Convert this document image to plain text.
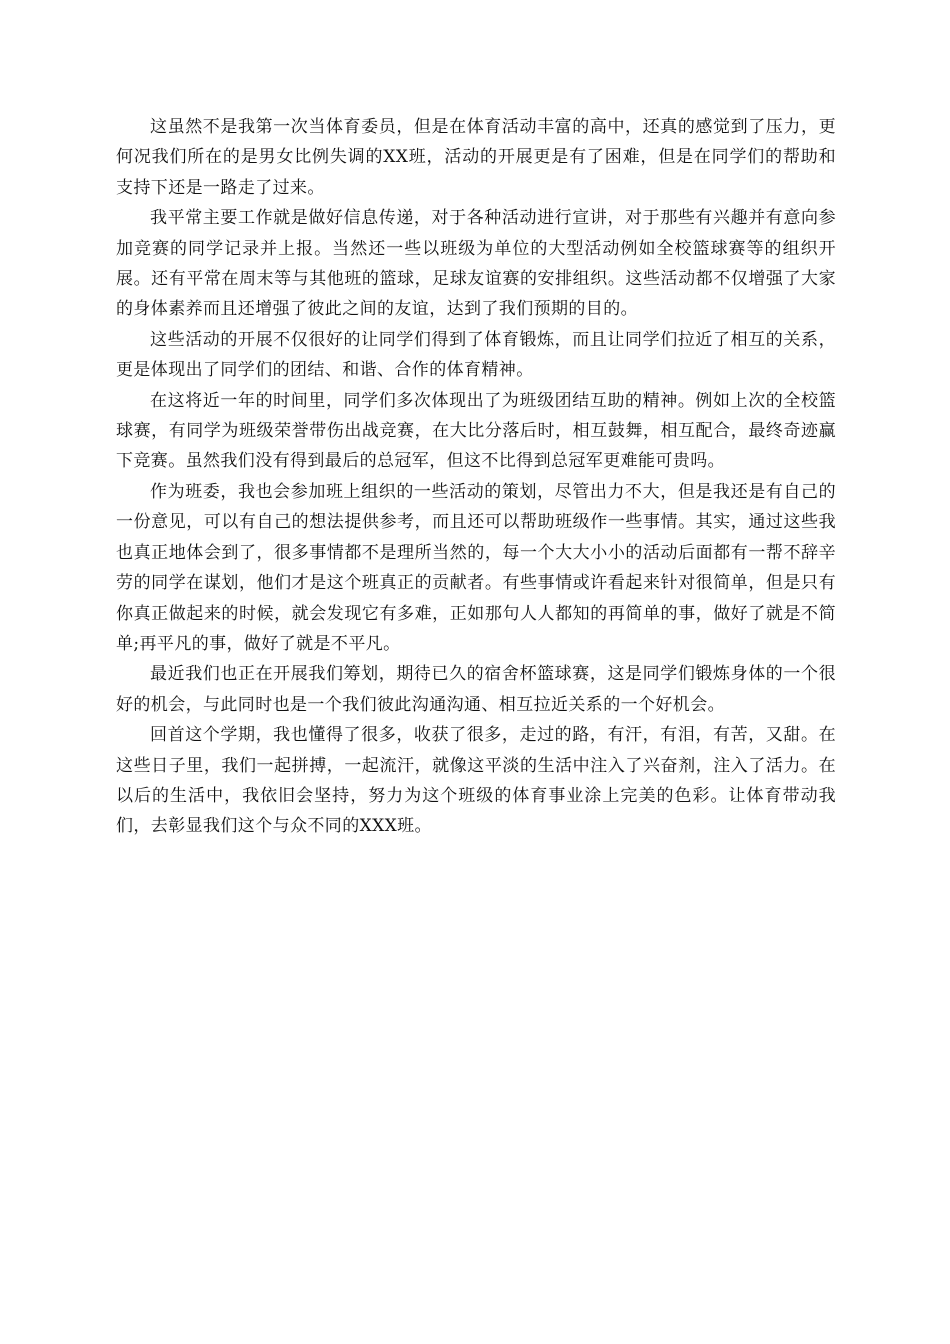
这虽然不是我第一次当体育委员，但是在体育活动丰富的高中，还真的感觉到了压力，更何况我们所在的是男女比例失调的XX班，活动的开展更是有了困难，但是在同学们的帮助和支持下还是一路走了过来。

我平常主要工作就是做好信息传递，对于各种活动进行宣讲，对于那些有兴趣并有意向参加竞赛的同学记录并上报。当然还一些以班级为单位的大型活动例如全校篮球赛等的组织开展。还有平常在周末等与其他班的篮球，足球友谊赛的安排组织。这些活动都不仅增强了大家的身体素养而且还增强了彼此之间的友谊，达到了我们预期的目的。

这些活动的开展不仅很好的让同学们得到了体育锻炼，而且让同学们拉近了相互的关系，更是体现出了同学们的团结、和谐、合作的体育精神。

在这将近一年的时间里，同学们多次体现出了为班级团结互助的精神。例如上次的全校篮球赛，有同学为班级荣誉带伤出战竞赛，在大比分落后时，相互鼓舞，相互配合，最终奇迹赢下竞赛。虽然我们没有得到最后的总冠军，但这不比得到总冠军更难能可贵吗。

作为班委，我也会参加班上组织的一些活动的策划，尽管出力不大，但是我还是有自己的一份意见，可以有自己的想法提供参考，而且还可以帮助班级作一些事情。其实，通过这些我也真正地体会到了，很多事情都不是理所当然的，每一个大大小小的活动后面都有一帮不辞辛劳的同学在谋划，他们才是这个班真正的贡献者。有些事情或许看起来针对很简单，但是只有你真正做起来的时候，就会发现它有多难，正如那句人人都知的再简单的事，做好了就是不简单;再平凡的事，做好了就是不平凡。

最近我们也正在开展我们筹划，期待已久的宿舍杯篮球赛，这是同学们锻炼身体的一个很好的机会，与此同时也是一个我们彼此沟通沟通、相互拉近关系的一个好机会。

回首这个学期，我也懂得了很多，收获了很多，走过的路，有汗，有泪，有苦，又甜。在这些日子里，我们一起拼搏，一起流汗，就像这平淡的生活中注入了兴奋剂，注入了活力。在以后的生活中，我依旧会坚持，努力为这个班级的体育事业涂上完美的色彩。让体育带动我们，去彰显我们这个与众不同的XXX班。
